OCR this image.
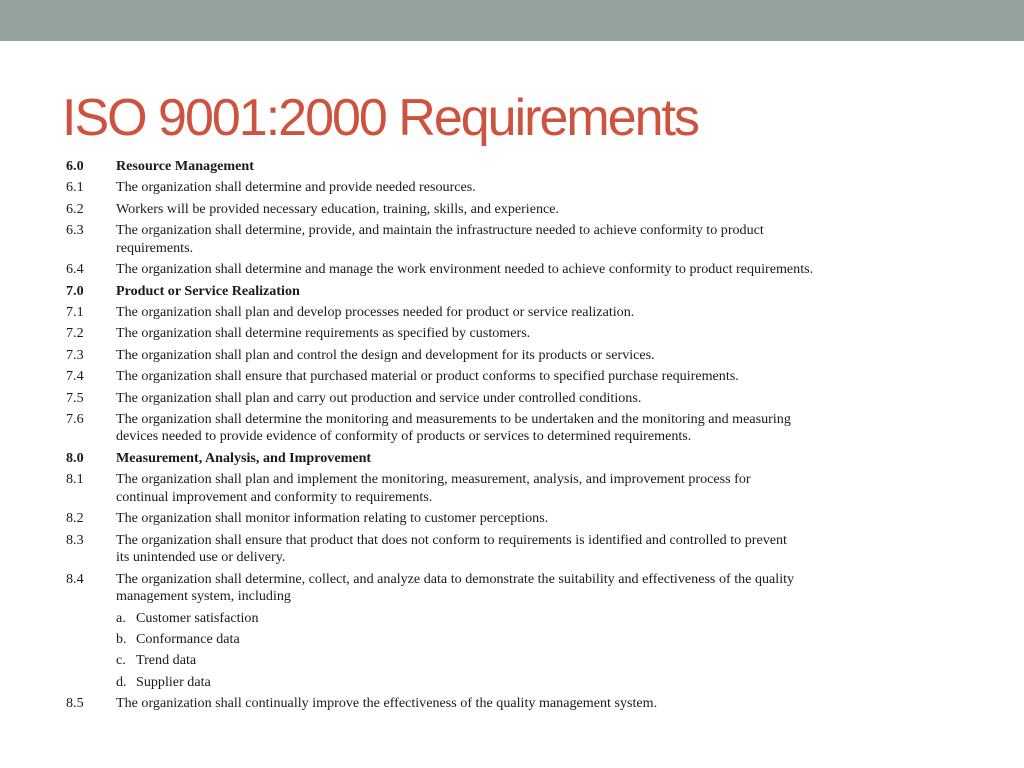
ISO 9001:2000 Requirements
6.0	Resource Management
6.1	The organization shall determine and provide needed resources.
6.2	Workers will be provided necessary education, training, skills, and experience.
6.3	The organization shall determine, provide, and maintain the infrastructure needed to achieve conformity to product
requirements.
6.4	The organization shall determine and manage the work environment needed to achieve conformity to product requirements.
7.0	Product or Service Realization
7.1	The organization shall plan and develop processes needed for product or service realization.
7.2	The organization shall determine requirements as specified by customers.
7.3	The organization shall plan and control the design and development for its products or services.
7.4	The organization shall ensure that purchased material or product conforms to specified purchase requirements.
7.5	The organization shall plan and carry out production and service under controlled conditions.
7.6	The organization shall determine the monitoring and measurements to be undertaken and the monitoring and measuring
devices needed to provide evidence of conformity of products or services to determined requirements.
8.0	Measurement, Analysis, and Improvement
8.1	The organization shall plan and implement the monitoring, measurement, analysis, and improvement process for
continual improvement and conformity to requirements.
8.2	The organization shall monitor information relating to customer perceptions.
8.3	The organization shall ensure that product that does not conform to requirements is identified and controlled to prevent
its unintended use or delivery.
8.4	The organization shall determine, collect, and analyze data to demonstrate the suitability and effectiveness of the quality
management system, including
a. Customer satisfaction
b. Conformance data
c. Trend data
d. Supplier data
8.5	The organization shall continually improve the effectiveness of the quality management system.
